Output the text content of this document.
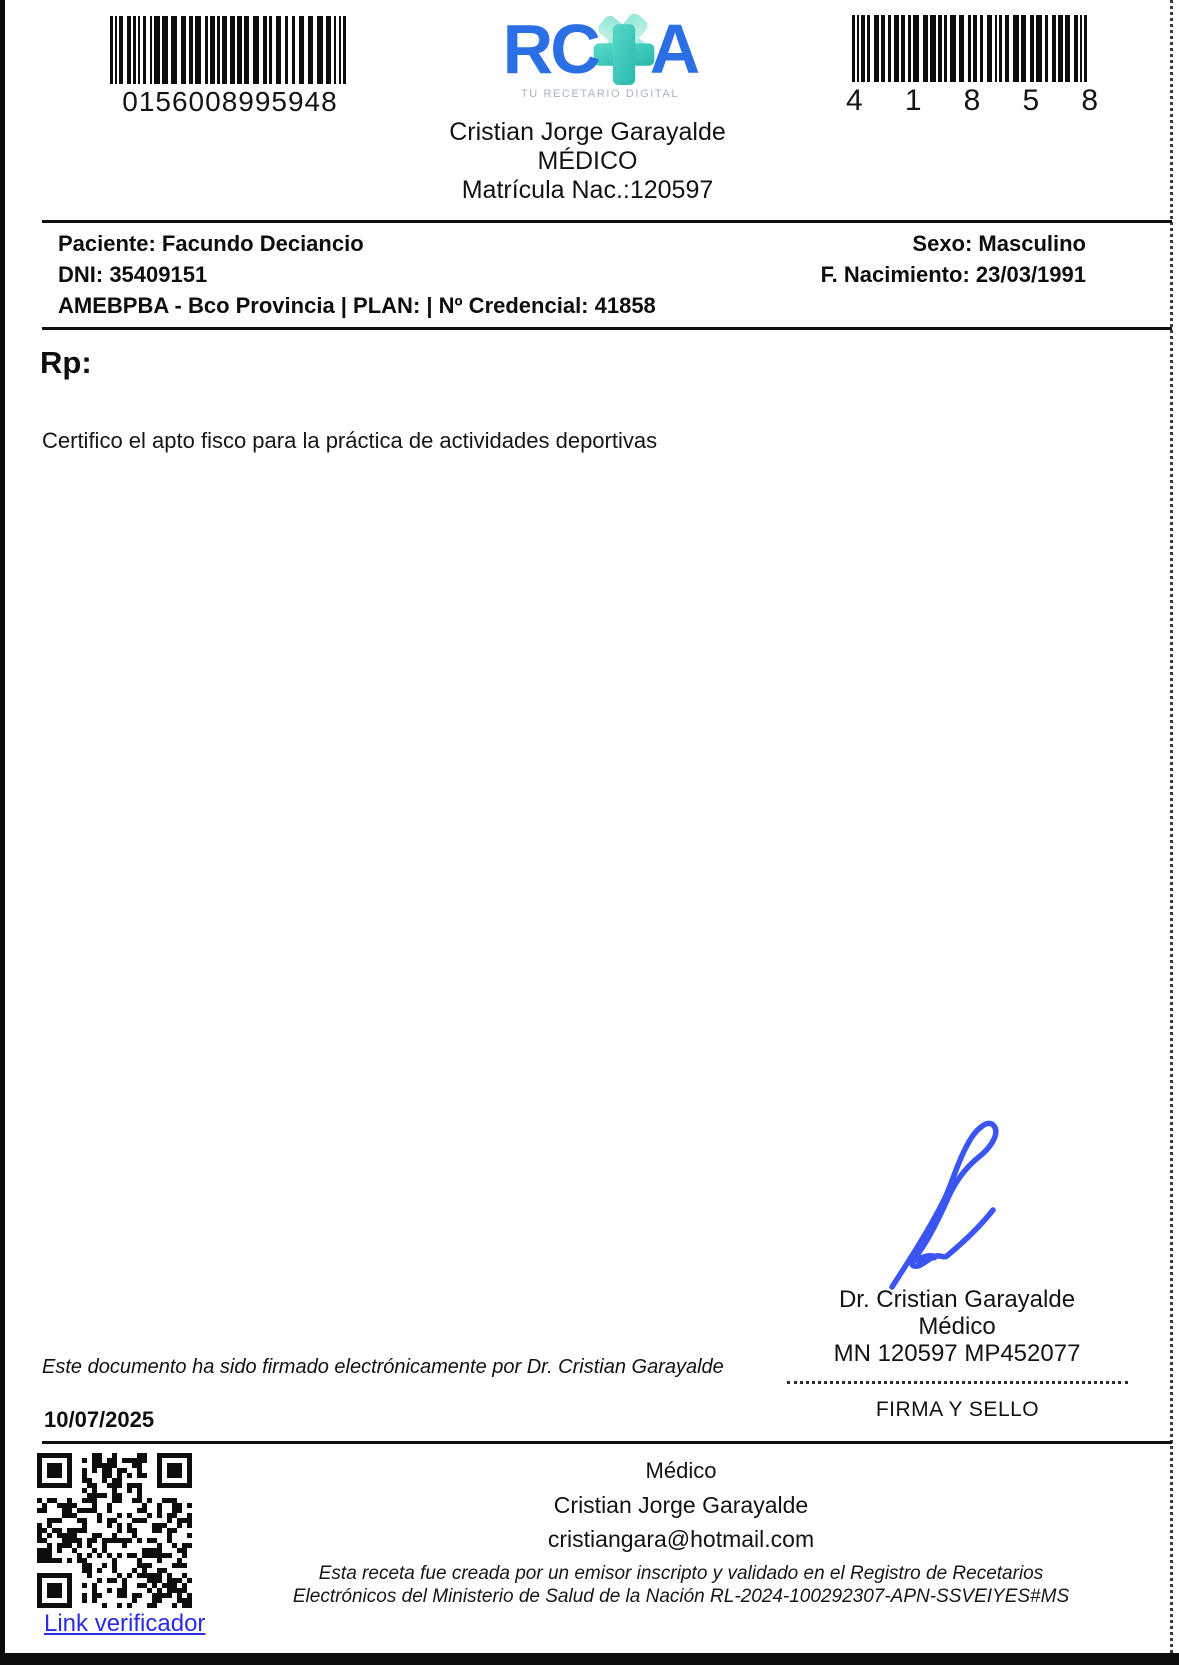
0156008995948
RC A
TU RECETARIO DIGITAL	4 1 8 5 8
Cristian Jorge Garayalde
MÉDICO
Matrícula Nac.:120597
Paciente: Facundo Deciancio	Sexo: Masculino
DNI: 35409151	F. Nacimiento: 23/03/1991
AMEBPBA - Bco Provincia | PLAN: | Nº Credencial: 41858
Rp:
Certifico el apto fisco para la práctica de actividades deportivas
Dr. Cristian Garayalde
Médico
MN 120597 MP452077
FIRMA Y SELLO
Este documento ha sido firmado electrónicamente por Dr. Cristian Garayalde
10/07/2025
Médico
Cristian Jorge Garayalde
cristiangara@hotmail.com
Esta receta fue creada por un emisor inscripto y validado en el Registro de Recetarios
Electrónicos del Ministerio de Salud de la Nación RL-2024-100292307-APN-SSVEIYES#MS
Link verificador
